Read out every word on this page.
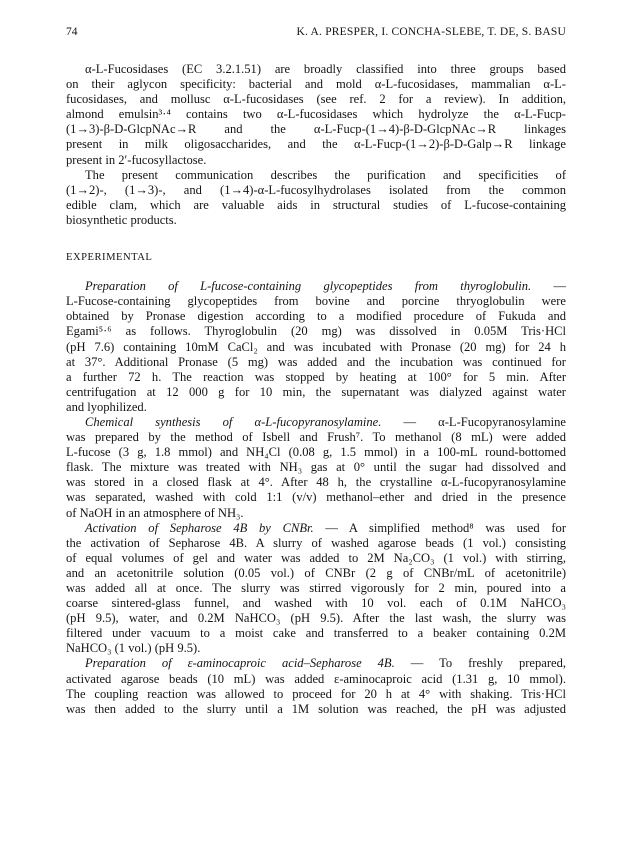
74	K. A. PRESPER, I. CONCHA-SLEBE, T. DE, S. BASU
α-L-Fucosidases (EC 3.2.1.51) are broadly classified into three groups based
on their aglycon specificity: bacterial and mold α-L-fucosidases, mammalian α-L-
fucosidases, and mollusc α-L-fucosidases (see ref. 2 for a review). In addition,
almond emulsin³·⁴ contains two α-L-fucosidases which hydrolyze the α-L-Fucp-
(1→3)-β-D-GlcpNAc→R and the α-L-Fucp-(1→4)-β-D-GlcpNAc→R linkages
present in milk oligosaccharides, and the α-L-Fucp-(1→2)-β-D-Galp→R linkage
present in 2′-fucosyllactose.
The present communication describes the purification and specificities of
(1→2)-, (1→3)-, and (1→4)-α-L-fucosylhydrolases isolated from the common
edible clam, which are valuable aids in structural studies of L-fucose-containing
biosynthetic products.
EXPERIMENTAL
Preparation of L-fucose-containing glycopeptides from thyroglobulin. —
L-Fucose-containing glycopeptides from bovine and porcine thryoglobulin were
obtained by Pronase digestion according to a modified procedure of Fukuda and
Egami⁵·⁶ as follows. Thyroglobulin (20 mg) was dissolved in 0.05M Tris·HCl
(pH 7.6) containing 10mM CaCl₂ and was incubated with Pronase (20 mg) for 24 h
at 37°. Additional Pronase (5 mg) was added and the incubation was continued for
a further 72 h. The reaction was stopped by heating at 100° for 5 min. After
centrifugation at 12 000 g for 10 min, the supernatant was dialyzed against water
and lyophilized.
Chemical synthesis of α-L-fucopyranosylamine. — α-L-Fucopyranosylamine
was prepared by the method of Isbell and Frush⁷. To methanol (8 mL) were added
L-fucose (3 g, 1.8 mmol) and NH₄Cl (0.08 g, 1.5 mmol) in a 100-mL round-bottomed
flask. The mixture was treated with NH₃ gas at 0° until the sugar had dissolved and
was stored in a closed flask at 4°. After 48 h, the crystalline α-L-fucopyranosylamine
was separated, washed with cold 1:1 (v/v) methanol–ether and dried in the presence
of NaOH in an atmosphere of NH₃.
Activation of Sepharose 4B by CNBr. — A simplified method⁸ was used for
the activation of Sepharose 4B. A slurry of washed agarose beads (1 vol.) consisting
of equal volumes of gel and water was added to 2M Na₂CO₃ (1 vol.) with stirring,
and an acetonitrile solution (0.05 vol.) of CNBr (2 g of CNBr/mL of acetonitrile)
was added all at once. The slurry was stirred vigorously for 2 min, poured into a
coarse sintered-glass funnel, and washed with 10 vol. each of 0.1M NaHCO₃
(pH 9.5), water, and 0.2M NaHCO₃ (pH 9.5). After the last wash, the slurry was
filtered under vacuum to a moist cake and transferred to a beaker containing 0.2M
NaHCO₃ (1 vol.) (pH 9.5).
Preparation of ε-aminocaproic acid–Sepharose 4B. — To freshly prepared,
activated agarose beads (10 mL) was added ε-aminocaproic acid (1.31 g, 10 mmol).
The coupling reaction was allowed to proceed for 20 h at 4° with shaking. Tris·HCl
was then added to the slurry until a 1M solution was reached, the pH was adjusted
